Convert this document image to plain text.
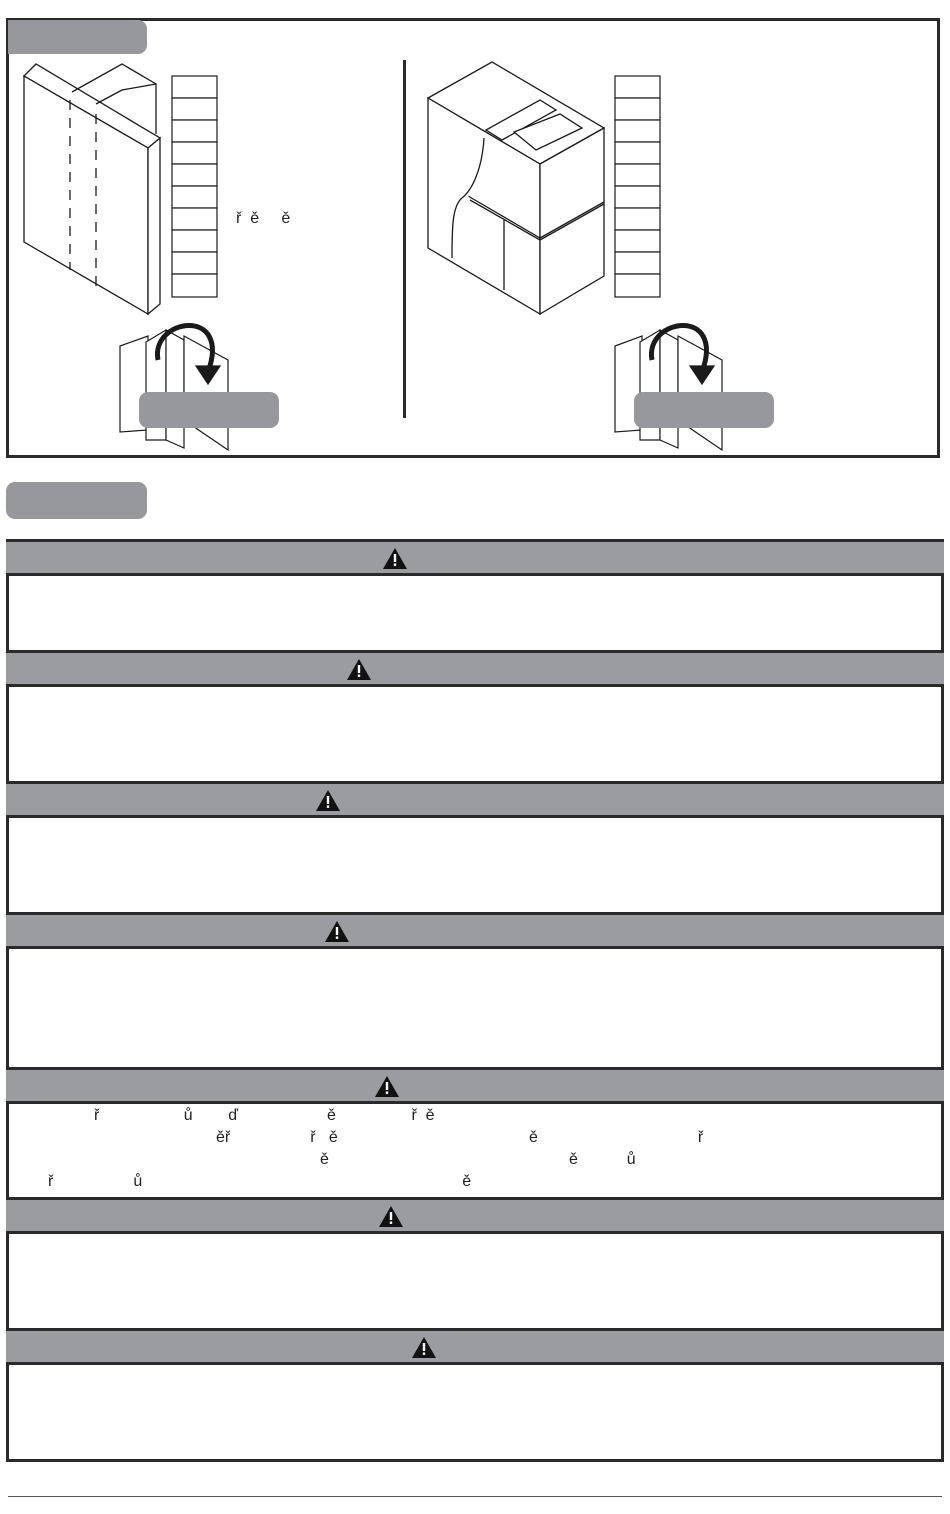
ř  ě     ě
ř                   ů        ď                    ě                 ř  ě
ěř                  ř   ě                                           ě                                    ř
ě                                                      ě           ů
ř                  ů                                                                        ě
